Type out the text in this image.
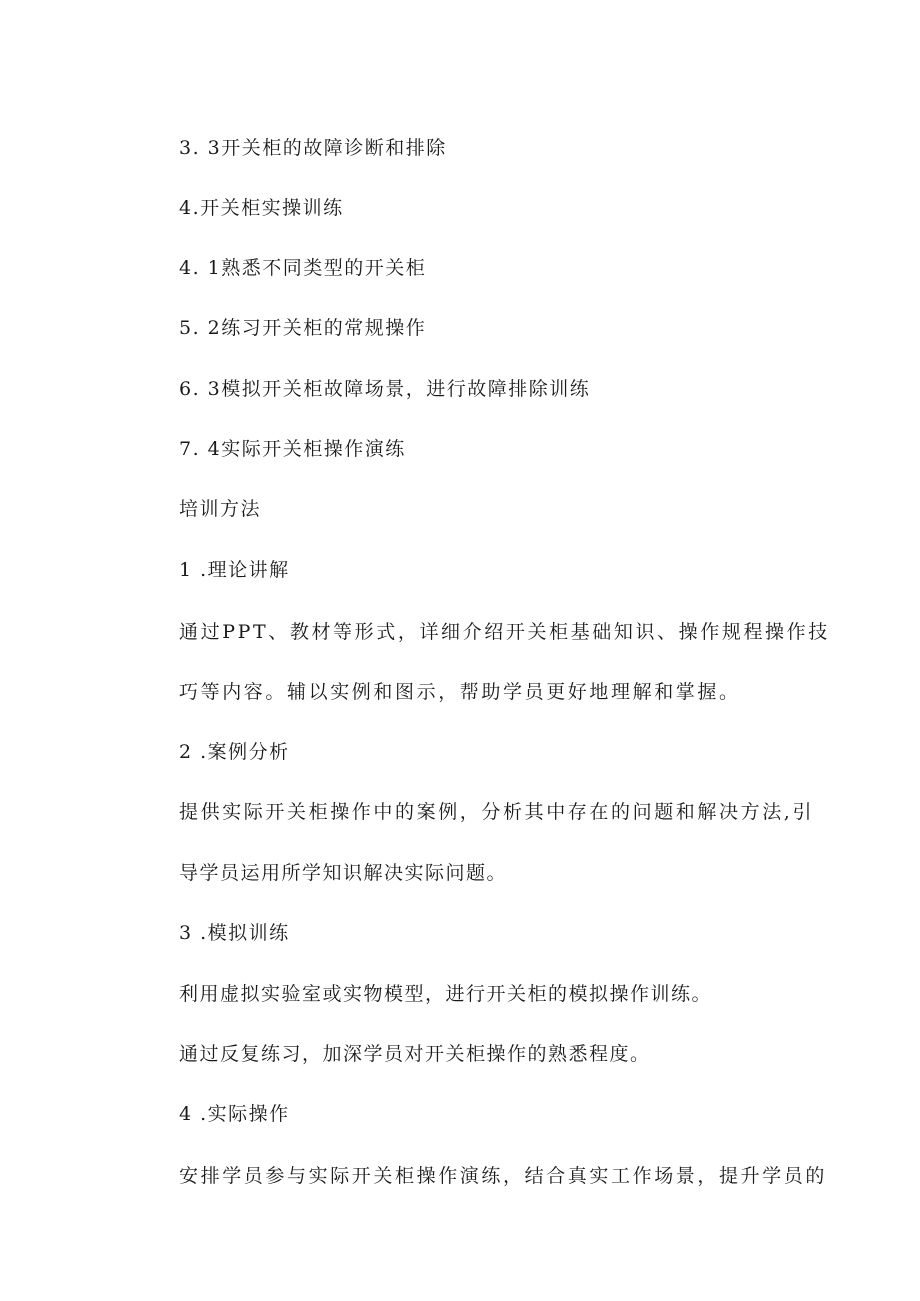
3. 3开关柜的故障诊断和排除
4.开关柜实操训练
4. 1熟悉不同类型的开关柜
5. 2练习开关柜的常规操作
6. 3模拟开关柜故障场景，进行故障排除训练
7. 4实际开关柜操作演练
培训方法
1 .理论讲解
通过PPT、教材等形式，详细介绍开关柜基础知识、操作规程操作技
巧等内容。辅以实例和图示，帮助学员更好地理解和掌握。
2 .案例分析
提供实际开关柜操作中的案例，分析其中存在的问题和解决方法,引
导学员运用所学知识解决实际问题。
3 .模拟训练
利用虚拟实验室或实物模型，进行开关柜的模拟操作训练。
通过反复练习，加深学员对开关柜操作的熟悉程度。
4 .实际操作
安排学员参与实际开关柜操作演练，结合真实工作场景，提升学员的
